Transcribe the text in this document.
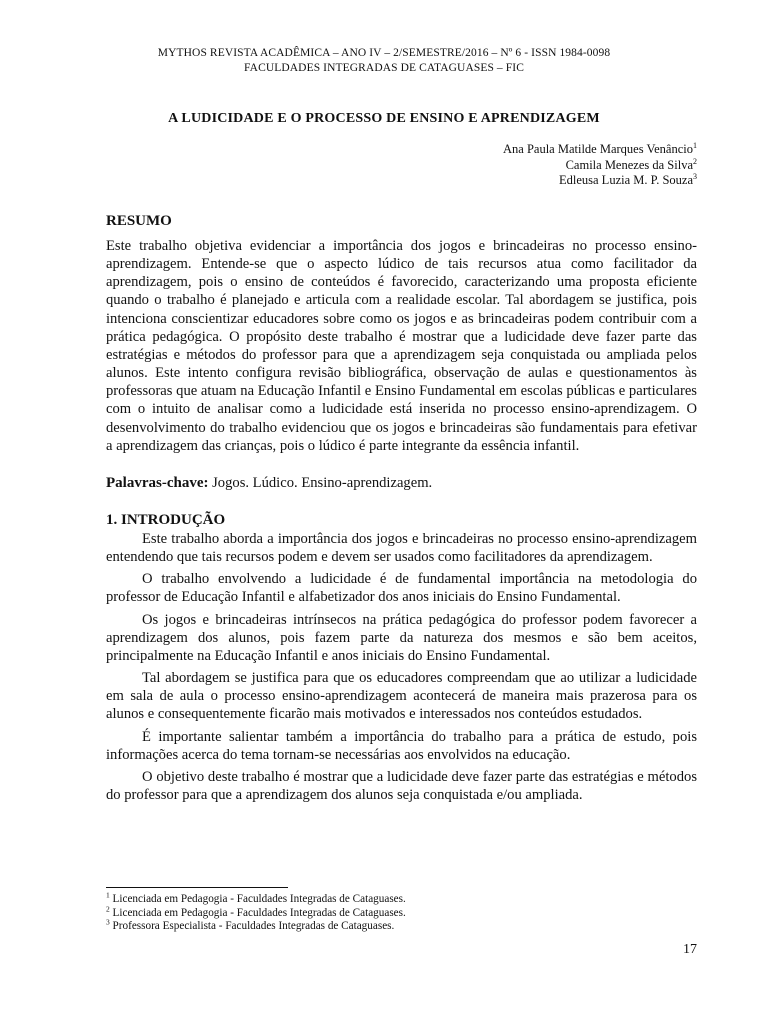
MYTHOS REVISTA ACADÊMICA – ANO IV – 2/SEMESTRE/2016 – Nº 6 - ISSN 1984-0098
FACULDADES INTEGRADAS DE CATAGUASES – FIC
A LUDICIDADE E O PROCESSO DE ENSINO E APRENDIZAGEM
Ana Paula Matilde Marques Venâncio$^1$
Camila Menezes da Silva$^2$
Edleusa Luzia M. P. Souza$^3$
RESUMO
Este trabalho objetiva evidenciar a importância dos jogos e brincadeiras no processo ensino-aprendizagem. Entende-se que o aspecto lúdico de tais recursos atua como facilitador da aprendizagem, pois o ensino de conteúdos é favorecido, caracterizando uma proposta eficiente quando o trabalho é planejado e articula com a realidade escolar. Tal abordagem se justifica, pois intenciona conscientizar educadores sobre como os jogos e as brincadeiras podem contribuir com a prática pedagógica. O propósito deste trabalho é mostrar que a ludicidade deve fazer parte das estratégias e métodos do professor para que a aprendizagem seja conquistada ou ampliada pelos alunos. Este intento configura revisão bibliográfica, observação de aulas e questionamentos às professoras que atuam na Educação Infantil e Ensino Fundamental em escolas públicas e particulares com o intuito de analisar como a ludicidade está inserida no processo ensino-aprendizagem. O desenvolvimento do trabalho evidenciou que os jogos e brincadeiras são fundamentais para efetivar a aprendizagem das crianças, pois o lúdico é parte integrante da essência infantil.
Palavras-chave: Jogos. Lúdico. Ensino-aprendizagem.
1. INTRODUÇÃO

Este trabalho aborda a importância dos jogos e brincadeiras no processo ensino-aprendizagem entendendo que tais recursos podem e devem ser usados como facilitadores da aprendizagem.

O trabalho envolvendo a ludicidade é de fundamental importância na metodologia do professor de Educação Infantil e alfabetizador dos anos iniciais do Ensino Fundamental.

Os jogos e brincadeiras intrínsecos na prática pedagógica do professor podem favorecer a aprendizagem dos alunos, pois fazem parte da natureza dos mesmos e são bem aceitos, principalmente na Educação Infantil e anos iniciais do Ensino Fundamental.

Tal abordagem se justifica para que os educadores compreendam que ao utilizar a ludicidade em sala de aula o processo ensino-aprendizagem acontecerá de maneira mais prazerosa para os alunos e consequentemente ficarão mais motivados e interessados nos conteúdos estudados.

É importante salientar também a importância do trabalho para a prática de estudo, pois informações acerca do tema tornam-se necessárias aos envolvidos na educação.

O objetivo deste trabalho é mostrar que a ludicidade deve fazer parte das estratégias e métodos do professor para que a aprendizagem dos alunos seja conquistada e/ou ampliada.

$^1$ Licenciada em Pedagogia - Faculdades Integradas de Cataguases.
$^2$ Licenciada em Pedagogia - Faculdades Integradas de Cataguases.
$^3$ Professora Especialista - Faculdades Integradas de Cataguases.
17
